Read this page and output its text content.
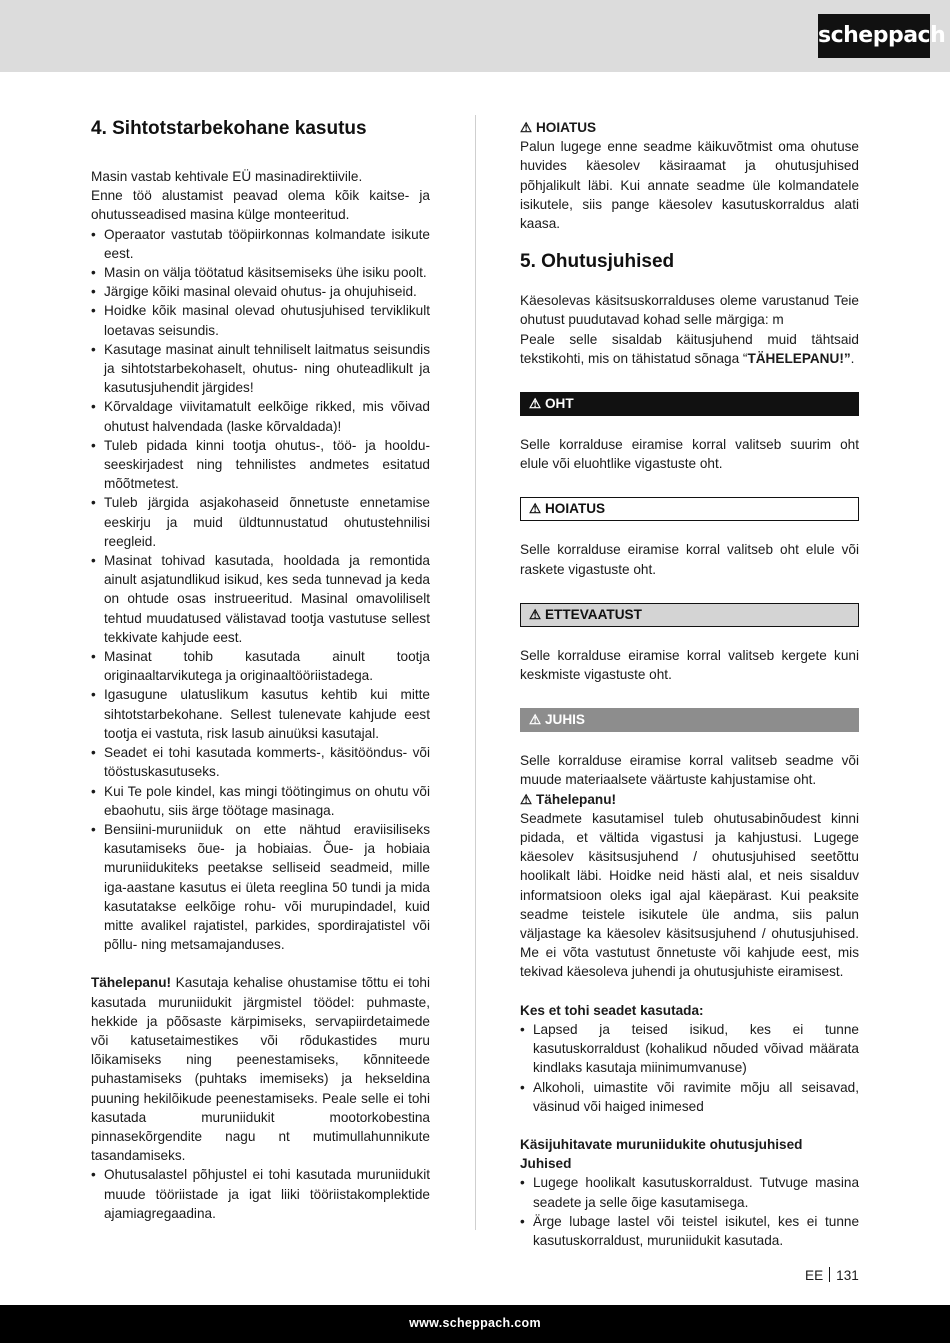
scheppach
4. Sihtotstarbekohane kasutus

Masin vastab kehtivale EÜ masinadirektiivile.

Enne töö alustamist peavad olema kõik kaitse- ja ohutusseadised masina külge monteeritud.

• Operaator vastutab tööpiirkonnas kolmandate isikute eest.
• Masin on välja töötatud käsitsemiseks ühe isiku poolt.
• Järgige kõiki masinal olevaid ohutus- ja ohujuhiseid.
• Hoidke kõik masinal olevad ohutusjuhised terviklikult loetavas seisundis.
• Kasutage masinat ainult tehniliselt laitmatus seisundis ja sihtotstarbekohaselt, ohutus- ning ohuteadlikult ja kasutusjuhendit järgides!
• Kõrvaldage viivitamatult eelkõige rikked, mis võivad ohutust halvendada (laske kõrvaldada)!
• Tuleb pidada kinni tootja ohutus-, töö- ja hooldu- seeskirjadest ning tehnilistes andmetes esitatud mõõtmetest.
• Tuleb järgida asjakohaseid õnnetuste ennetamise eeskirju ja muid üldtunnustatud ohutustehnilisi reegleid.
• Masinat tohivad kasutada, hooldada ja remontida ainult asjatundlikud isikud, kes seda tunnevad ja keda on ohtude osas instrueeritud. Masinal omavoliliselt tehtud muudatused välistavad tootja vastutuse sellest tekkivate kahjude eest.
• Masinat tohib kasutada ainult tootja originaaltarvikutega ja originaaltööriistadega.
• Igasugune ulatuslikum kasutus kehtib kui mitte sihtotstarbekohane. Sellest tulenevate kahjude eest tootja ei vastuta, risk lasub ainuüksi kasutajal.
• Seadet ei tohi kasutada kommerts-, käsitööndus- või tööstuskasutuseks.
• Kui Te pole kindel, kas mingi töötingimus on ohutu või ebaohutu, siis ärge töötage masinaga.
• Bensiini-muruniiduk on ette nähtud eraviisiliseks kasutamiseks õue- ja hobiaias. Õue- ja hobiaia muruniidukiteks peetakse selliseid seadmeid, mille iga-aastane kasutus ei ületa reeglina 50 tundi ja mida kasutatakse eelkõige rohu- või murupindadel, kuid mitte avalikel rajatistel, parkides, spordirajatistel või põllu- ning metsamajanduses.

Tähelepanu! Kasutaja kehalise ohustamise tõttu ei tohi kasutada muruniidukit järgmistel töödel: puhmaste, hekkide ja põõsaste kärpimiseks, servapiirdetaimede või katusetaimestikes või rõdukastides muru lõikamiseks ning peenestamiseks, kõnniteede puhastamiseks (puhtaks imemiseks) ja hekseldina puuning hekilõikude peenestamiseks. Peale selle ei tohi kasutada muruniidukit mootorkobestina pinnasekõrgendite nagu nt mutimullahunnikute tasandamiseks.

• Ohutusalastel põhjustel ei tohi kasutada muruniidukit muude tööriistade ja igat liiki tööriistakomplektide ajamiagregaadina.

⚠ HOIATUS

Palun lugege enne seadme käikuvõtmist oma ohutuse huvides käesolev käsiraamat ja ohutusjuhised põhjalikult läbi. Kui annate seadme üle kolmandatele isikutele, siis pange käesolev kasutuskorraldus alati kaasa.

5. Ohutusjuhised

Käesolevas käsitsuskorralduses oleme varustanud Teie ohutust puudutavad kohad selle märgiga: m

Peale selle sisaldab käitusjuhend muid tähtsaid tekstikohti, mis on tähistatud sõnaga “TÄHELEPANU!”.

⚠ OHT

Selle korralduse eiramise korral valitseb suurim oht elule või eluohtlike vigastuste oht.

⚠ HOIATUS

Selle korralduse eiramise korral valitseb oht elule või raskete vigastuste oht.

⚠ ETTEVAATUST

Selle korralduse eiramise korral valitseb kergete kuni keskmiste vigastuste oht.

⚠ JUHIS

Selle korralduse eiramise korral valitseb seadme või muude materiaalsete väärtuste kahjustamise oht.

⚠ Tähelepanu!

Seadmete kasutamisel tuleb ohutusabinõudest kinni pidada, et vältida vigastusi ja kahjustusi. Lugege käesolev käsitsusjuhend / ohutusjuhised seetõttu hoolikalt läbi. Hoidke neid hästi alal, et neis sisalduv informatsioon oleks igal ajal käepärast. Kui peaksite seadme teistele isikutele üle andma, siis palun väljastage ka käesolev käsitsusjuhend / ohutusjuhised. Me ei võta vastutust õnnetuste või kahjude eest, mis tekivad käesoleva juhendi ja ohutusjuhiste eiramisest.

Kes et tohi seadet kasutada:

• Lapsed ja teised isikud, kes ei tunne kasutuskorraldust (kohalikud nõuded võivad määrata kindlaks kasutaja miinimumvanuse)
• Alkoholi, uimastite või ravimite mõju all seisavad, väsinud või haiged inimesed

Käsijuhitavate muruniidukite ohutusjuhised

Juhised

• Lugege hoolikalt kasutuskorraldust. Tutvuge masina seadete ja selle õige kasutamisega.
• Ärge lubage lastel või teistel isikutel, kes ei tunne kasutuskorraldust, muruniidukit kasutada.
EE 131
www.scheppach.com
